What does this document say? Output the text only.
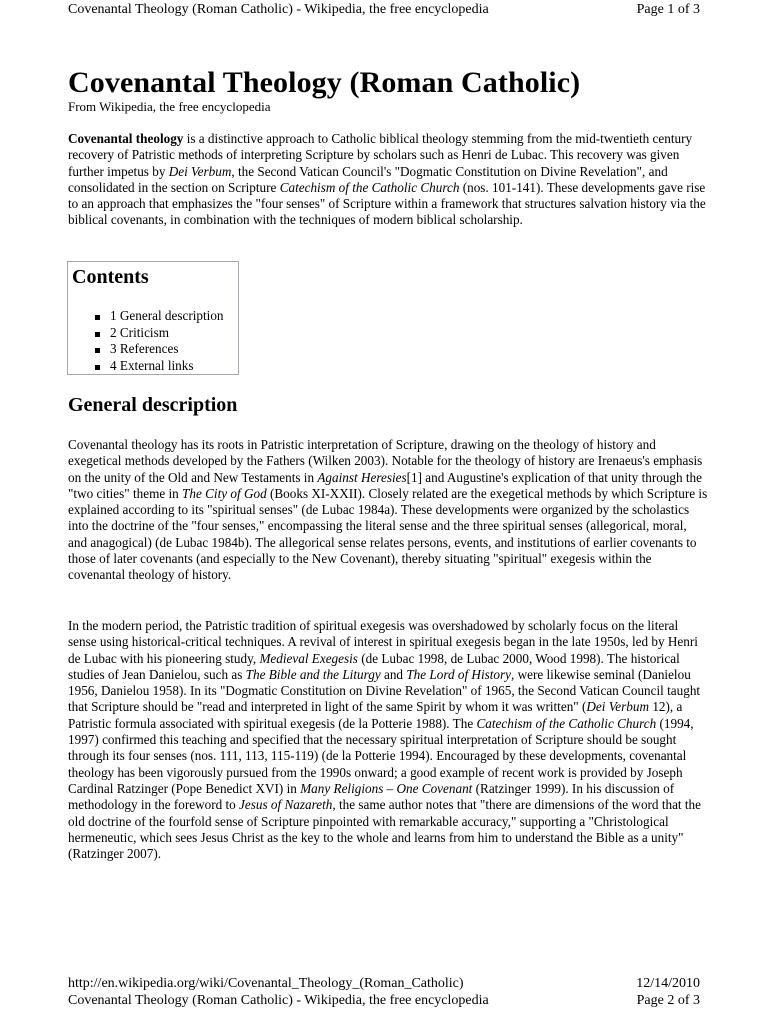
Covenantal Theology (Roman Catholic) - Wikipedia, the free encyclopedia	Page 1 of 3
Covenantal Theology (Roman Catholic)
From Wikipedia, the free encyclopedia

Covenantal theology is a distinctive approach to Catholic biblical theology stemming from the mid-twentieth century recovery of Patristic methods of interpreting Scripture by scholars such as Henri de Lubac. This recovery was given further impetus by Dei Verbum, the Second Vatican Council's "Dogmatic Constitution on Divine Revelation", and consolidated in the section on Scripture Catechism of the Catholic Church (nos. 101-141). These developments gave rise to an approach that emphasizes the "four senses" of Scripture within a framework that structures salvation history via the biblical covenants, in combination with the techniques of modern biblical scholarship.

Contents
1 General description
2 Criticism
3 References
4 External links
General description

Covenantal theology has its roots in Patristic interpretation of Scripture, drawing on the theology of history and exegetical methods developed by the Fathers (Wilken 2003). Notable for the theology of history are Irenaeus's emphasis on the unity of the Old and New Testaments in Against Heresies[1] and Augustine's explication of that unity through the "two cities" theme in The City of God (Books XI-XXII). Closely related are the exegetical methods by which Scripture is explained according to its "spiritual senses" (de Lubac 1984a). These developments were organized by the scholastics into the doctrine of the "four senses," encompassing the literal sense and the three spiritual senses (allegorical, moral, and anagogical) (de Lubac 1984b). The allegorical sense relates persons, events, and institutions of earlier covenants to those of later covenants (and especially to the New Covenant), thereby situating "spiritual" exegesis within the covenantal theology of history.

In the modern period, the Patristic tradition of spiritual exegesis was overshadowed by scholarly focus on the literal sense using historical-critical techniques. A revival of interest in spiritual exegesis began in the late 1950s, led by Henri de Lubac with his pioneering study, Medieval Exegesis (de Lubac 1998, de Lubac 2000, Wood 1998). The historical studies of Jean Danielou, such as The Bible and the Liturgy and The Lord of History, were likewise seminal (Danielou 1956, Danielou 1958). In its "Dogmatic Constitution on Divine Revelation" of 1965, the Second Vatican Council taught that Scripture should be "read and interpreted in light of the same Spirit by whom it was written" (Dei Verbum 12), a Patristic formula associated with spiritual exegesis (de la Potterie 1988). The Catechism of the Catholic Church (1994, 1997) confirmed this teaching and specified that the necessary spiritual interpretation of Scripture should be sought through its four senses (nos. 111, 113, 115-119) (de la Potterie 1994). Encouraged by these developments, covenantal theology has been vigorously pursued from the 1990s onward; a good example of recent work is provided by Joseph Cardinal Ratzinger (Pope Benedict XVI) in Many Religions – One Covenant (Ratzinger 1999). In his discussion of methodology in the foreword to Jesus of Nazareth, the same author notes that "there are dimensions of the word that the old doctrine of the fourfold sense of Scripture pinpointed with remarkable accuracy," supporting a "Christological hermeneutic, which sees Jesus Christ as the key to the whole and learns from him to understand the Bible as a unity" (Ratzinger 2007).

http://en.wikipedia.org/wiki/Covenantal_Theology_(Roman_Catholic)	12/14/2010
Covenantal Theology (Roman Catholic) - Wikipedia, the free encyclopedia	Page 2 of 3
